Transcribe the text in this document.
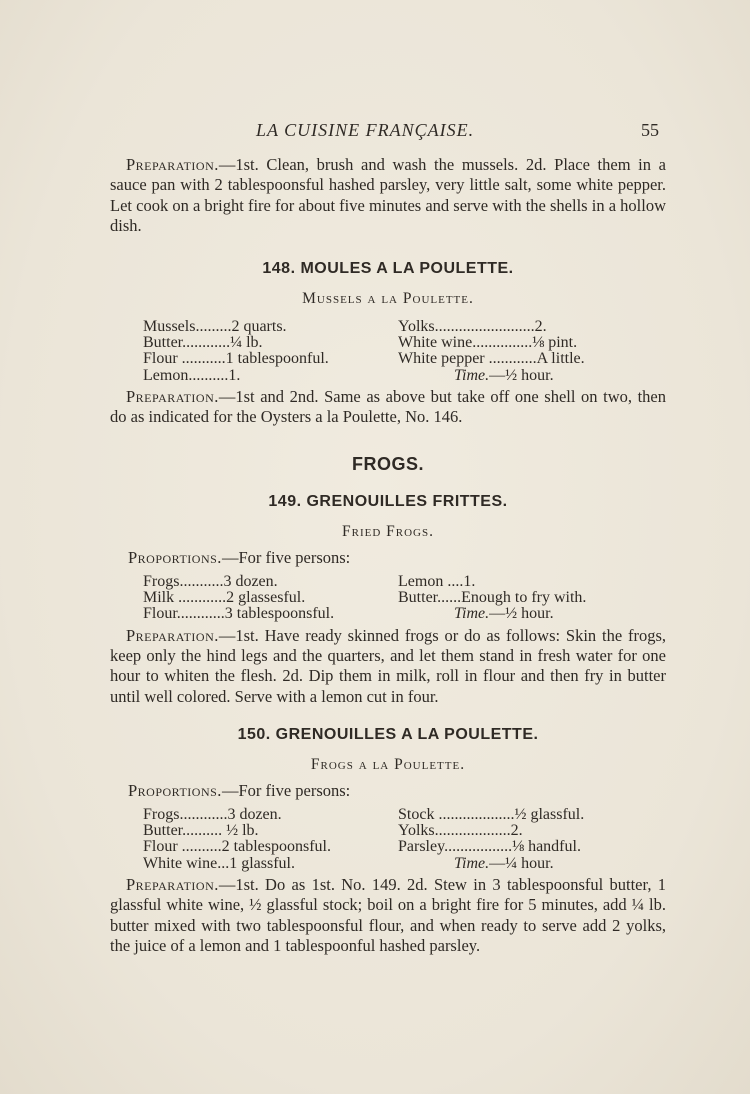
LA CUISINE FRANÇAISE.	55

Preparation.—1st. Clean, brush and wash the mussels. 2d. Place them in a sauce pan with 2 tablespoonsful hashed parsley, very little salt, some white pepper. Let cook on a bright fire for about five minutes and serve with the shells in a hollow dish.

148. MOULES A LA POULETTE.
Mussels a la Poulette.
Mussels.........2 quarts.	Yolks.........................2.
Butter............¼ lb.	White wine...............⅛ pint.
Flour ...........1 tablespoonful.	White pepper ............A little.
Lemon..........1.	Time.—½ hour.

Preparation.—1st and 2nd. Same as above but take off one shell on two, then do as indicated for the Oysters a la Poulette, No. 146.

FROGS.
149. GRENOUILLES FRITTES.
Fried Frogs.
Proportions.—For five persons:
Frogs...........3 dozen.	Lemon ....1.
Milk ............2 glassesful.	Butter......Enough to fry with.
Flour............3 tablespoonsful.	Time.—½ hour.

Preparation.—1st. Have ready skinned frogs or do as follows: Skin the frogs, keep only the hind legs and the quarters, and let them stand in fresh water for one hour to whiten the flesh. 2d. Dip them in milk, roll in flour and then fry in butter until well colored. Serve with a lemon cut in four.

150. GRENOUILLES A LA POULETTE.
Frogs a la Poulette.
Proportions.—For five persons:
Frogs............3 dozen.	Stock ...................½ glassful.
Butter.......... ½ lb.	Yolks...................2.
Flour ..........2 tablespoonsful.	Parsley.................⅛ handful.
White wine...1 glassful.	Time.—¼ hour.

Preparation.—1st. Do as 1st. No. 149. 2d. Stew in 3 tablespoonsful butter, 1 glassful white wine, ½ glassful stock; boil on a bright fire for 5 minutes, add ¼ lb. butter mixed with two tablespoonsful flour, and when ready to serve add 2 yolks, the juice of a lemon and 1 tablespoonful hashed parsley.
